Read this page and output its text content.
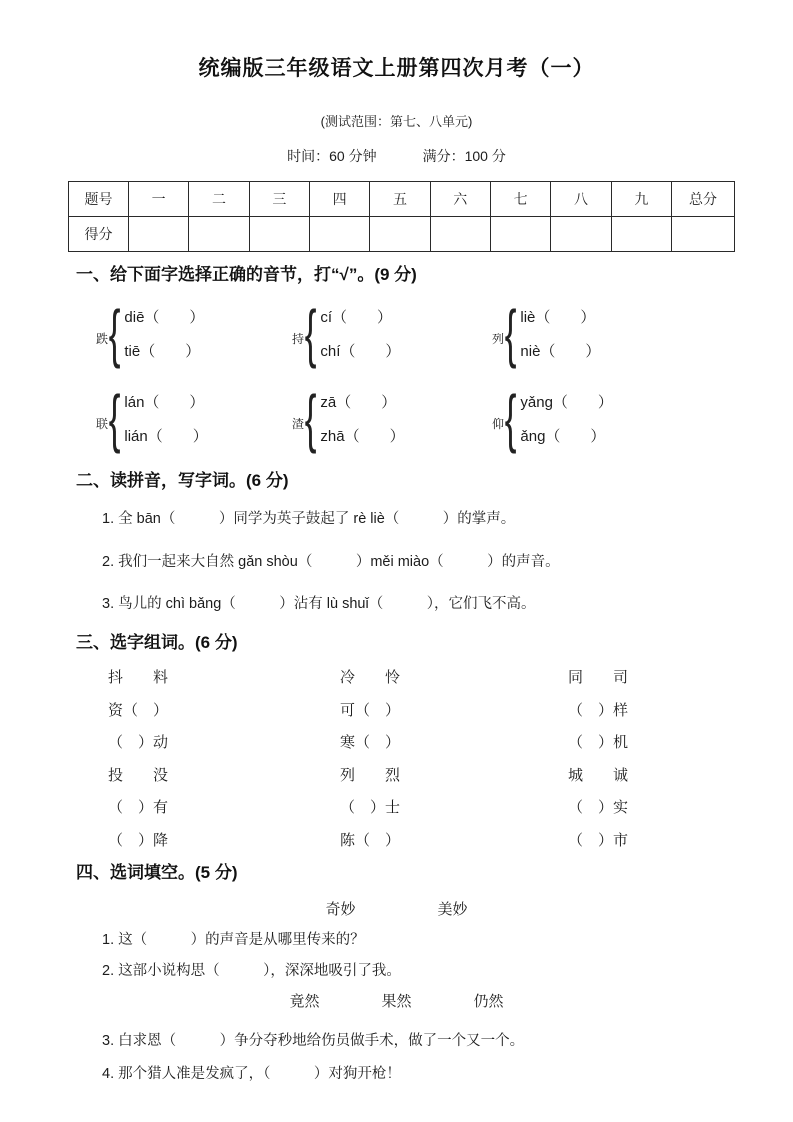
统编版三年级语文上册第四次月考（一）
(测试范围：第七、八单元)
时间：60 分钟	满分：100 分
题号	一	二	三	四	五	六	七	八	九	总分
得分										
一、给下面字选择正确的音节，打“√”。(9 分)
跌 { diē（　　）
tiē（　　）
持 { cí（　　）
chí（　　）
列 { liè（　　）
niè（　　）
联 { lán（　　）
lián（　　）
渣 { zā（　　）
zhā（　　）
仰 { yǎng（　　）
ǎng（　　）
二、读拼音，写字词。(6 分)
1. 全 bān（　　　）同学为英子鼓起了 rè liè（　　　）的掌声。
2. 我们一起来大自然 gǎn shòu（　　　）měi miào（　　　）的声音。
3. 鸟儿的 chì bǎng（　　　）沾有 lù shuǐ（　　　），它们飞不高。
三、选字组词。(6 分)
抖　　料
资（　）
（　）动
投　　没
（　）有
（　）降
冷　　怜
可（　）
寒（　）
列　　烈
（　）士
陈（　）
同　　司
（　）样
（　）机
城　　诚
（　）实
（　）市
四、选词填空。(5 分)
奇妙	美妙
1. 这（　　　）的声音是从哪里传来的？
2. 这部小说构思（　　　），深深地吸引了我。
竟然	果然	仍然
3. 白求恩（　　　）争分夺秒地给伤员做手术，做了一个又一个。
4. 那个猎人准是发疯了，（　　　）对狗开枪！
